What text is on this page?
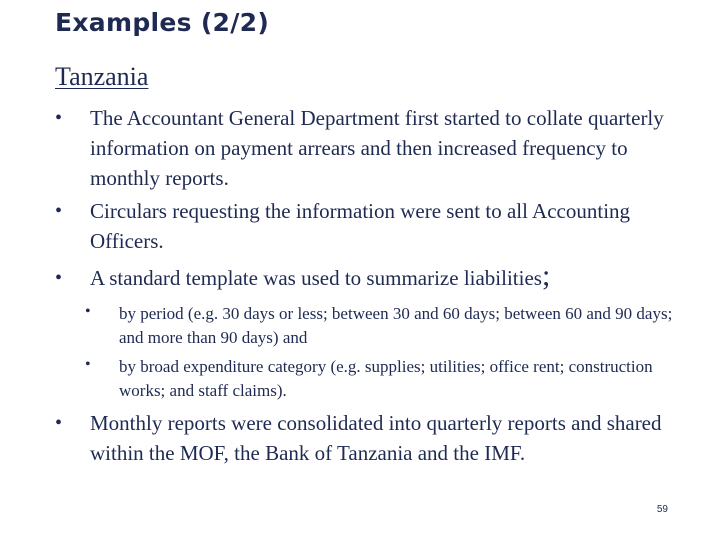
Examples (2/2)
Tanzania
• The Accountant General Department first started to collate quarterly information on payment arrears and then increased frequency to monthly reports.
• Circulars requesting the information were sent to all Accounting Officers.
• A standard template was used to summarize liabilities;
• by period (e.g. 30 days or less; between 30 and 60 days; between 60 and 90 days; and more than 90 days) and
• by broad expenditure category (e.g. supplies; utilities; office rent; construction works; and staff claims).
• Monthly reports were consolidated into quarterly reports and shared within the MOF, the Bank of Tanzania and the IMF.
59
